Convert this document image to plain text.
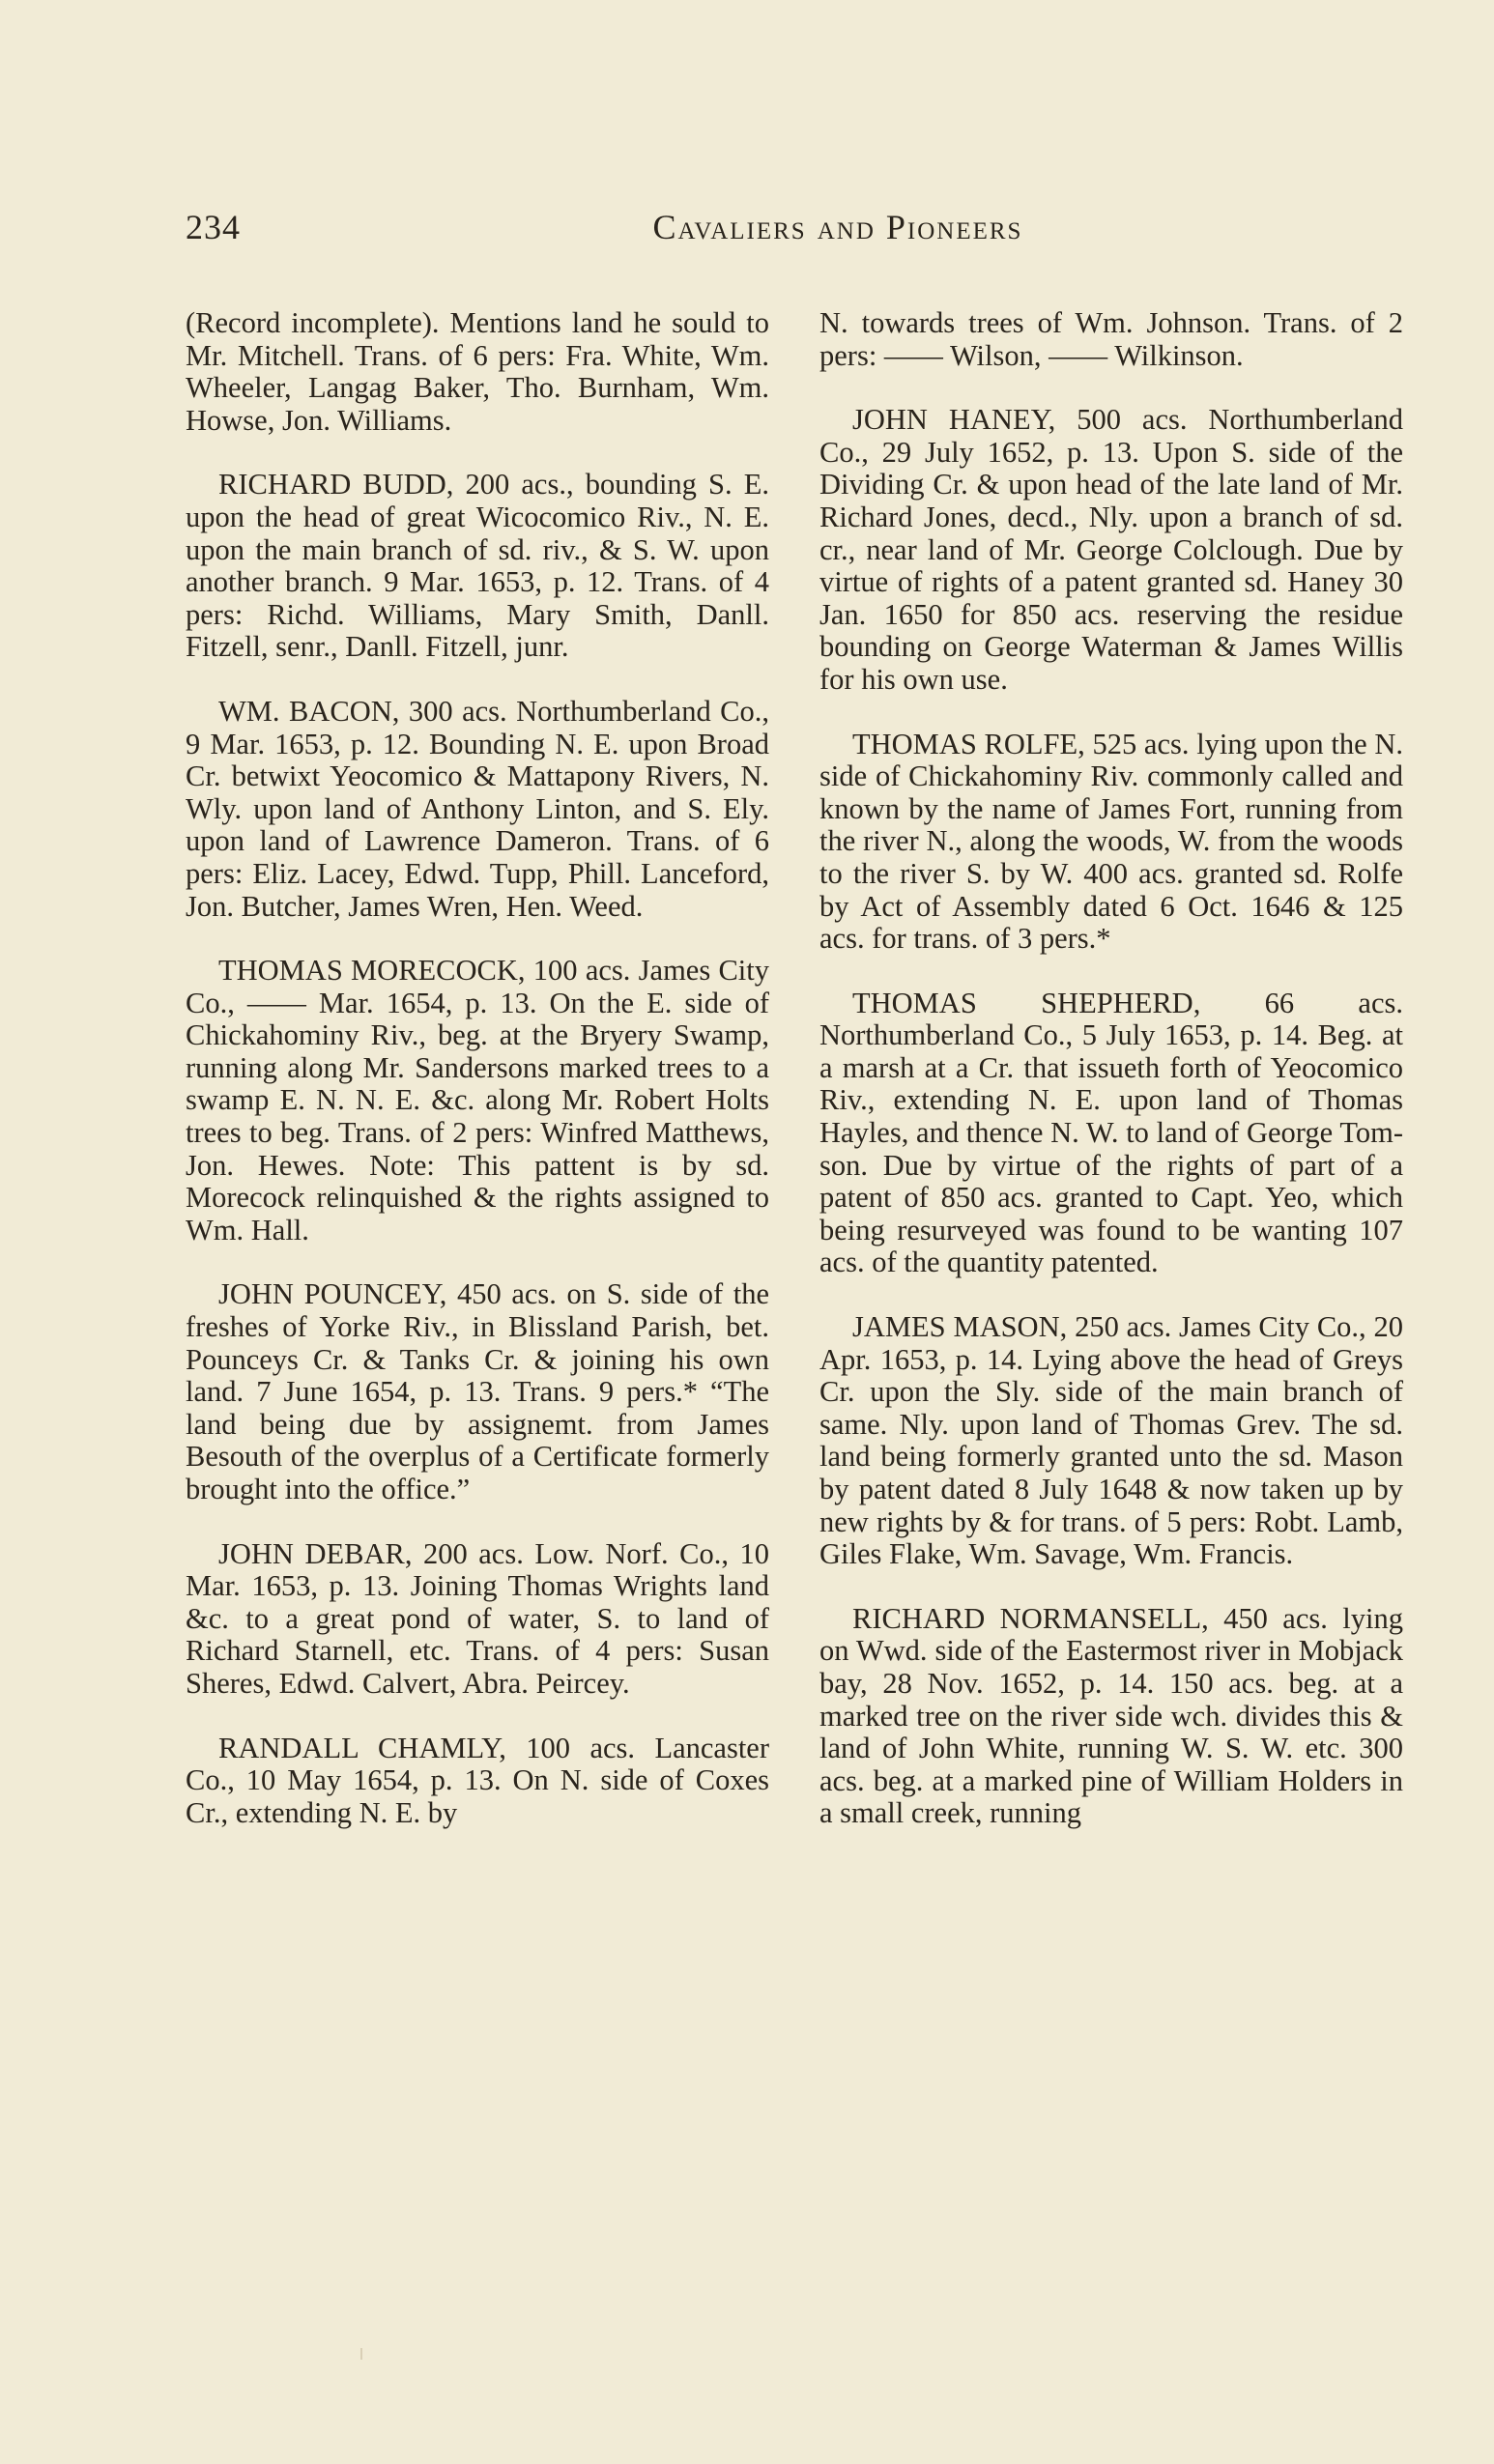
234	Cavaliers and Pioneers

(Record incomplete). Mentions land he sould to Mr. Mitchell. Trans. of 6 pers: Fra. White, Wm. Wheeler, Langag Baker, Tho. Burnham, Wm. Howse, Jon. Williams.

RICHARD BUDD, 200 acs., bounding S. E. upon the head of great Wicocomico Riv., N. E. upon the main branch of sd. riv., & S. W. upon another branch. 9 Mar. 1653, p. 12. Trans. of 4 pers: Richd. Williams, Mary Smith, Danll. Fitzell, senr., Danll. Fitzell, junr.

WM. BACON, 300 acs. Northumberland Co., 9 Mar. 1653, p. 12. Bounding N. E. upon Broad Cr. betwixt Yeocomico & Mattapony Rivers, N. Wly. upon land of Anthony Linton, and S. Ely. upon land of Lawrence Dameron. Trans. of 6 pers: Eliz. Lacey, Edwd. Tupp, Phill. Lanceford, Jon. Butcher, James Wren, Hen. Weed.

THOMAS MORECOCK, 100 acs. James City Co., —— Mar. 1654, p. 13. On the E. side of Chickahominy Riv., beg. at the Bryery Swamp, running along Mr. Sandersons marked trees to a swamp E. N. N. E. &c. along Mr. Robert Holts trees to beg. Trans. of 2 pers: Winfred Matthews, Jon. Hewes. Note: This pattent is by sd. Morecock relinquished & the rights assigned to Wm. Hall.

JOHN POUNCEY, 450 acs. on S. side of the freshes of Yorke Riv., in Blissland Parish, bet. Pounceys Cr. & Tanks Cr. & joining his own land. 7 June 1654, p. 13. Trans. 9 pers.* “The land being due by assignemt. from James Besouth of the overplus of a Certificate formerly brought into the office.”

JOHN DEBAR, 200 acs. Low. Norf. Co., 10 Mar. 1653, p. 13. Joining Thomas Wrights land &c. to a great pond of water, S. to land of Richard Starnell, etc. Trans. of 4 pers: Susan Sheres, Edwd. Calvert, Abra. Peircey.

RANDALL CHAMLY, 100 acs. Lancaster Co., 10 May 1654, p. 13. On N. side of Coxes Cr., extending N. E. by

N. towards trees of Wm. Johnson. Trans. of 2 pers: —— Wilson, —— Wilkinson.

JOHN HANEY, 500 acs. Northumberland Co., 29 July 1652, p. 13. Upon S. side of the Dividing Cr. & upon head of the late land of Mr. Richard Jones, decd., Nly. upon a branch of sd. cr., near land of Mr. George Colclough. Due by virtue of rights of a patent granted sd. Haney 30 Jan. 1650 for 850 acs. reserving the residue bounding on George Waterman & James Willis for his own use.

THOMAS ROLFE, 525 acs. lying upon the N. side of Chickahominy Riv. commonly called and known by the name of James Fort, running from the river N., along the woods, W. from the woods to the river S. by W. 400 acs. granted sd. Rolfe by Act of Assembly dated 6 Oct. 1646 & 125 acs. for trans. of 3 pers.*

THOMAS SHEPHERD, 66 acs. Northumberland Co., 5 July 1653, p. 14. Beg. at a marsh at a Cr. that issueth forth of Yeocomico Riv., extending N. E. upon land of Thomas Hayles, and thence N. W. to land of George Tomson. Due by virtue of the rights of part of a patent of 850 acs. granted to Capt. Yeo, which being resurveyed was found to be wanting 107 acs. of the quantity patented.

JAMES MASON, 250 acs. James City Co., 20 Apr. 1653, p. 14. Lying above the head of Greys Cr. upon the Sly. side of the main branch of same. Nly. upon land of Thomas Grev. The sd. land being formerly granted unto the sd. Mason by patent dated 8 July 1648 & now taken up by new rights by & for trans. of 5 pers: Robt. Lamb, Giles Flake, Wm. Savage, Wm. Francis.

RICHARD NORMANSELL, 450 acs. lying on Wwd. side of the Eastermost river in Mobjack bay, 28 Nov. 1652, p. 14. 150 acs. beg. at a marked tree on the river side wch. divides this & land of John White, running W. S. W. etc. 300 acs. beg. at a marked pine of William Holders in a small creek, running
